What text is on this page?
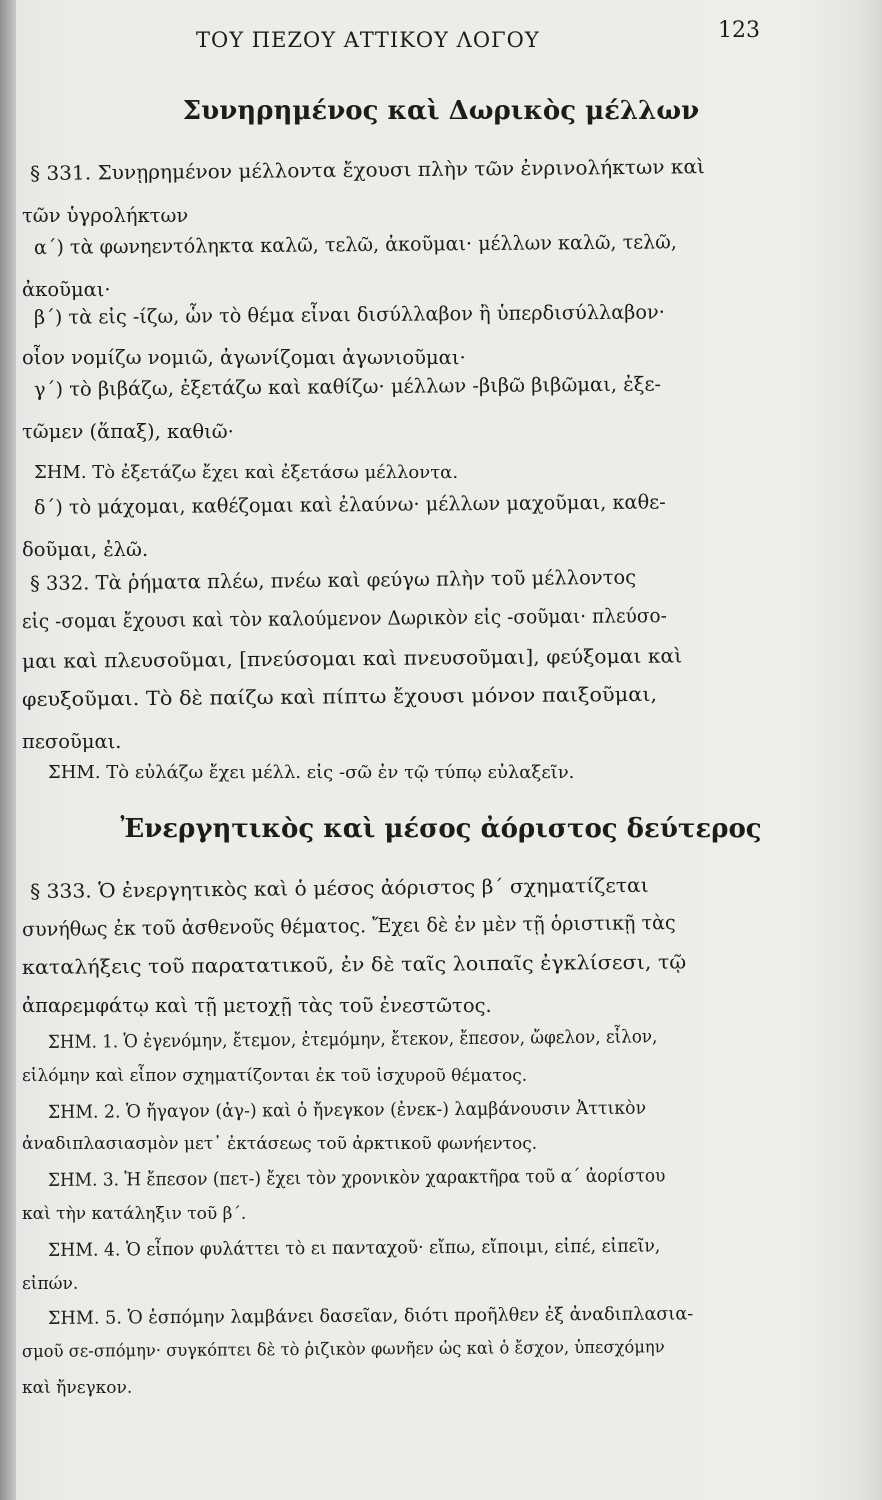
ΤΟΥ ΠΕΖΟΥ ΑΤΤΙΚΟΥ ΛΟΓΟΥ	123
Συνηρημένος καὶ Δωρικὸς μέλλων
§ 331. Συνῃρημένον μέλλοντα ἔχουσι πλὴν τῶν ἐνρινολήκτων καὶ
τῶν ὑγρολήκτων
α΄) τὰ φωνηεντόληκτα καλῶ, τελῶ, ἀκοῦμαι· μέλλων καλῶ, τελῶ,
ἀκοῦμαι·
β΄) τὰ εἰς -ίζω, ὧν τὸ θέμα εἶναι δισύλλαβον ἢ ὑπερδισύλλαβον·
οἷον νομίζω νομιῶ, ἀγωνίζομαι ἀγωνιοῦμαι·
γ΄) τὸ βιβάζω, ἐξετάζω καὶ καθίζω· μέλλων -βιβῶ βιβῶμαι, ἐξε-
τῶμεν (ἅπαξ), καθιῶ·
ΣΗΜ. Τὸ ἐξετάζω ἔχει καὶ ἐξετάσω μέλλοντα.
δ΄) τὸ μάχομαι, καθέζομαι καὶ ἐλαύνω· μέλλων μαχοῦμαι, καθε-
δοῦμαι, ἐλῶ.
§ 332. Τὰ ῥήματα πλέω, πνέω καὶ φεύγω πλὴν τοῦ μέλλοντος
εἰς -σομαι ἔχουσι καὶ τὸν καλούμενον Δωρικὸν εἰς -σοῦμαι· πλεύσο-
μαι καὶ πλευσοῦμαι, [πνεύσομαι καὶ πνευσοῦμαι], φεύξομαι καὶ
φευξοῦμαι. Τὸ δὲ παίζω καὶ πίπτω ἔχουσι μόνον παιξοῦμαι,
πεσοῦμαι.
ΣΗΜ. Τὸ εὐλάζω ἔχει μέλλ. εἰς -σῶ ἐν τῷ τύπῳ εὐλαξεῖν.
Ἐνεργητικὸς καὶ μέσος ἀόριστος δεύτερος
§ 333. Ὁ ἐνεργητικὸς καὶ ὁ μέσος ἀόριστος β΄ σχηματίζεται
συνήθως ἐκ τοῦ ἀσθενοῦς θέματος. Ἔχει δὲ ἐν μὲν τῇ ὁριστικῇ τὰς
καταλήξεις τοῦ παρατατικοῦ, ἐν δὲ ταῖς λοιπαῖς ἐγκλίσεσι, τῷ
ἀπαρεμφάτῳ καὶ τῇ μετοχῇ τὰς τοῦ ἐνεστῶτος.
ΣΗΜ. 1. Ὁ ἐγενόμην, ἔτεμον, ἐτεμόμην, ἔτεκον, ἔπεσον, ὤφελον, εἷλον,
εἱλόμην καὶ εἶπον σχηματίζονται ἐκ τοῦ ἰσχυροῦ θέματος.
ΣΗΜ. 2. Ὁ ἤγαγον (ἀγ-) καὶ ὁ ἤνεγκον (ἐνεκ-) λαμβάνουσιν Ἀττικὸν
ἀναδιπλασιασμὸν μετ᾽ ἐκτάσεως τοῦ ἀρκτικοῦ φωνήεντος.
ΣΗΜ. 3. Ἡ ἔπεσον (πετ-) ἔχει τὸν χρονικὸν χαρακτῆρα τοῦ α΄ ἀορίστου
καὶ τὴν κατάληξιν τοῦ β΄.
ΣΗΜ. 4. Ὁ εἶπον φυλάττει τὸ ει πανταχοῦ· εἴπω, εἴποιμι, εἰπέ, εἰπεῖν,
εἰπών.
ΣΗΜ. 5. Ὁ ἑσπόμην λαμβάνει δασεῖαν, διότι προῆλθεν ἐξ ἀναδιπλασια-
σμοῦ σε-σπόμην· συγκόπτει δὲ τὸ ῥιζικὸν φωνῆεν ὡς καὶ ὁ ἔσχον, ὑπεσχόμην
καὶ ἤνεγκον.
